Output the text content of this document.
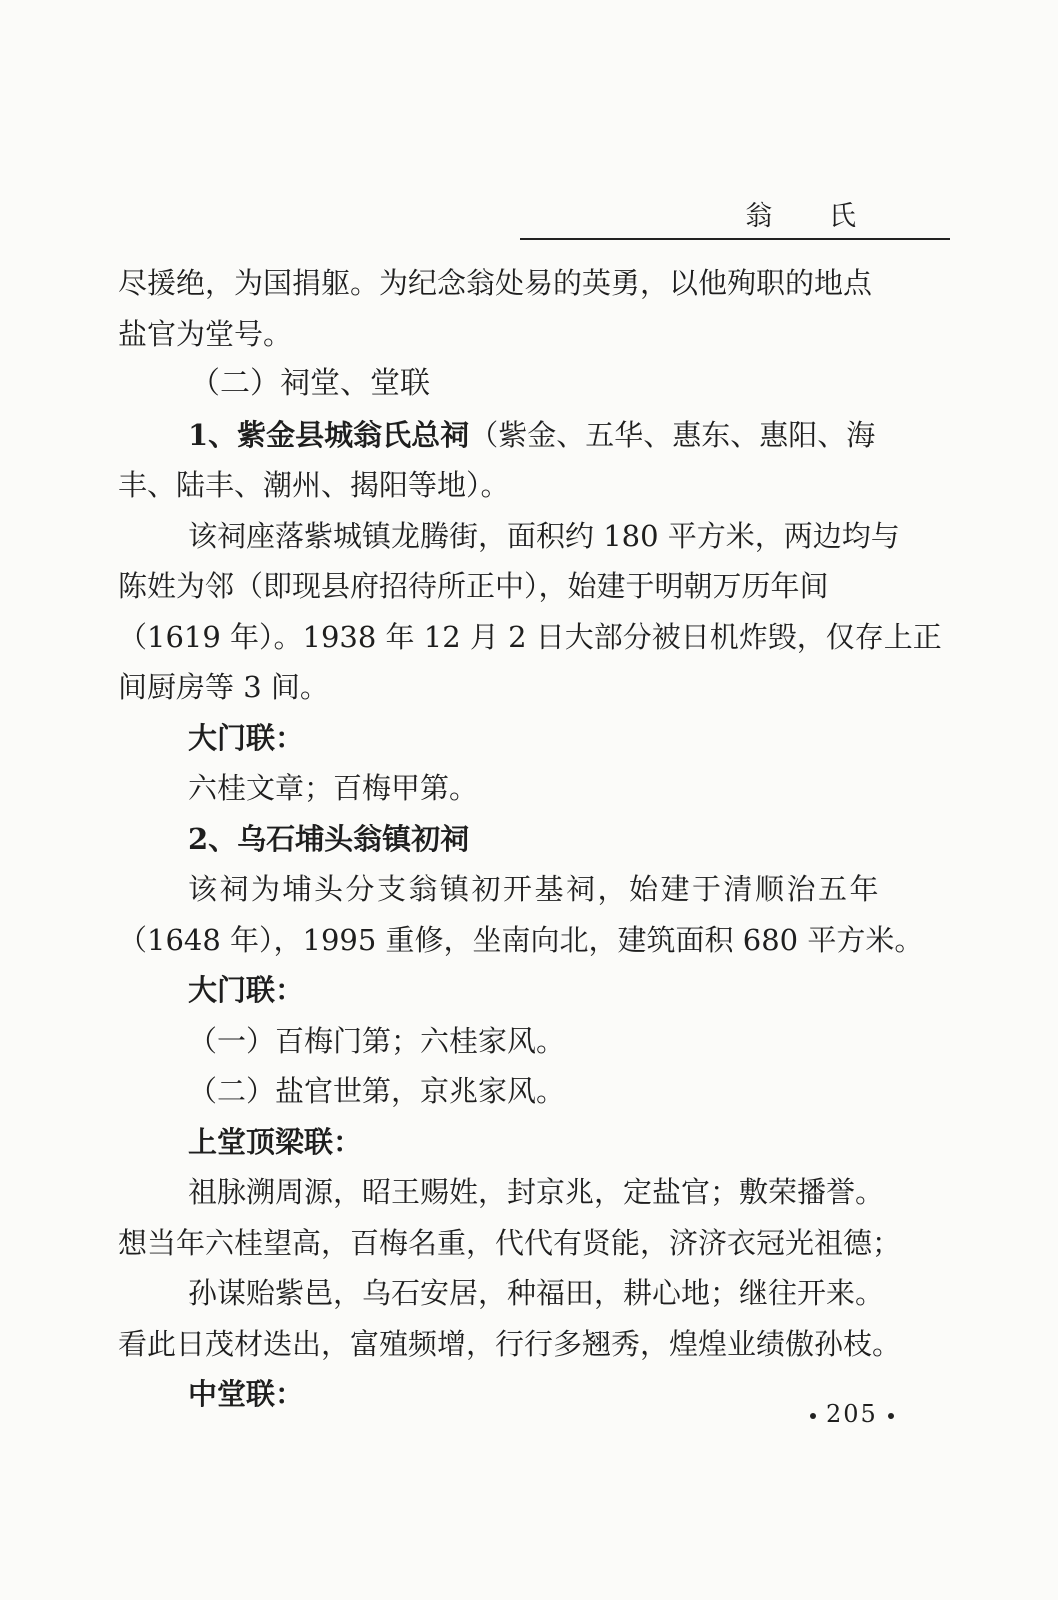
翁 氏
尽援绝，为国捐躯。为纪念翁处易的英勇，以他殉职的地点
盐官为堂号。
（二）祠堂、堂联
1、紫金县城翁氏总祠（紫金、五华、惠东、惠阳、海
丰、陆丰、潮州、揭阳等地）。
该祠座落紫城镇龙腾街，面积约 180 平方米，两边均与
陈姓为邻（即现县府招待所正中），始建于明朝万历年间
（1619 年）。1938 年 12 月 2 日大部分被日机炸毁，仅存上正
间厨房等 3 间。
大门联：
六桂文章；百梅甲第。
2、乌石埔头翁镇初祠
该祠为埔头分支翁镇初开基祠，始建于清顺治五年
（1648 年），1995 重修，坐南向北，建筑面积 680 平方米。
大门联：
（一）百梅门第；六桂家风。
（二）盐官世第，京兆家风。
上堂顶梁联：
祖脉溯周源，昭王赐姓，封京兆，定盐官；敷荣播誉。
想当年六桂望高，百梅名重，代代有贤能，济济衣冠光祖德；
孙谋贻紫邑，乌石安居，种福田，耕心地；继往开来。
看此日茂材迭出，富殖频增，行行多翘秀，煌煌业绩傲孙枝。
中堂联：
205
